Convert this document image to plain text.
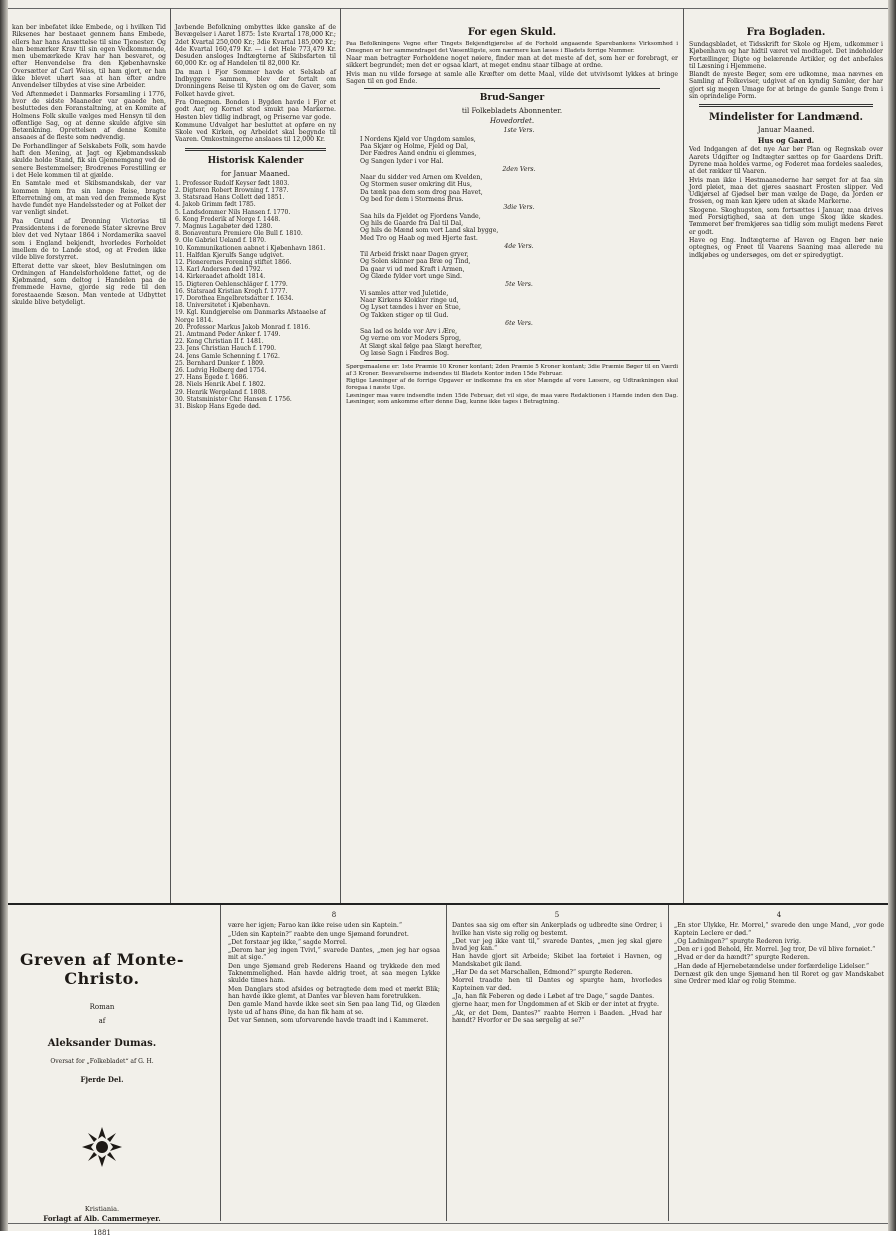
kan ber inbefatet ikke Embede, og i hvilken Tid Riksenes har bestaaet gennem hans Embede, ellers har hans Ansættelse til sine Tjenester. Og han bemærker Krav til sin egen Vedkommende, men ubemærkede Krav har han besvaret, og efter Henvendelse fra den Kjøbenhavnske Oversætter af Carl Weiss, til ham gjort, er han ikke blevet uhørt saa at han efter andre Anvendelser tilbydes at vise sine Arbeider.

Ved Aftenmødet i Danmarks Forsamling i 1776, hvor de sidste Maaneder var gaaede hen, besluttedes den Foranstaltning, at en Komite af Holmens Folk skulle vælges med Hensyn til den offentlige Sag, og at denne skulde afgive sin Betænkning. Oprettelsen af denne Komite ansaaes af de fleste som nødvendig.

De Forhandlinger af Selskabets Folk, som havde haft den Mening, at Jagt og Kjøbmandsskab skulde holde Stand, fik sin Gjennemgang ved de senere Bestemmelser; Brodrenes Forestilling er i det Hele kommen til at gjælde.

En Samtale med et Skibsmandskab, der var kommen hjem fra sin lange Reise, bragte Efterretning om, at man ved den fremmede Kyst havde fundet nye Handelssteder og at Folket der var venligt sindet.

Paa Grund af Dronning Victorias til Præsidentens i de forenede Stater skrevne Brev blev det ved Nytaar 1864 i Nordamerika saavel som i England bekjendt, hvorledes Forholdet imellem de to Lande stod, og at Freden ikke vilde blive forstyrret.

Efterat dette var skeet, blev Beslutningen om Ordningen af Handelsforholdene fattet, og de Kjøbmænd, som deltog i Handelen paa de fremmede Havne, gjorde sig rede til den forestaaende Sæson. Man ventede at Udbyttet skulde blive betydeligt.

Javbende Befolkning ombyttes ikke ganske af de Bevægelser i Aaret 1875: 1ste Kvartal 178,000 Kr.; 2det Kvartal 250,000 Kr.; 3die Kvartal 185,000 Kr.; 4de Kvartal 160,479 Kr. — i det Hele 773,479 Kr. Desuden ansloges Indtægterne af Skibsfarten til 60,000 Kr. og af Handelen til 82,000 Kr.

Da man i Fjor Sommer havde et Selskab af Indbyggere sammen, blev der fortalt om Dronningens Reise til Kysten og om de Gaver, som Folket havde givet.

Fra Omegnen. Bonden i Bygden havde i Fjor et godt Aar, og Kornet stod smukt paa Markerne. Høsten blev tidlig indbragt, og Priserne var gode.

Kommune Udvalget har besluttet at opføre en ny Skole ved Kirken, og Arbeidet skal begynde til Vaaren. Omkostningerne anslaaes til 12,000 Kr.

Historisk Kalender
for Januar Maaned.
1. Professor Rudolf Keyser født 1803.
2. Digteren Robert Browning f. 1787.
3. Statsraad Hans Collett død 1851.
4. Jakob Grimm født 1785.
5. Landsdommer Nils Hansen f. 1770.
6. Kong Frederik af Norge f. 1448.
7. Magnus Lagabøter død 1280.
8. Bonaventura Premiere Ole Bull f. 1810.
9. Ole Gabriel Ueland f. 1870.
10. Kommunikationen aabnet i Kjøbenhavn 1861.
11. Halfdan Kjerulfs Sange udgivet.
12. Pionerernes Forening stiftet 1866.
13. Karl Andersen død 1792.
14. Kirkeraadet afholdt 1814.
15. Digteren Oehlenschläger f. 1779.
16. Statsraad Kristian Krogh f. 1777.
17. Dorothea Engelbretsdatter f. 1634.
18. Universitetet i Kjøbenhavn.
19. Kgl. Kundgjørelse om Danmarks Afstaaelse af Norge 1814.
20. Professor Markus Jakob Monrad f. 1816.
21. Amtmand Peder Anker f. 1749.
22. Kong Christian II f. 1481.
23. Jens Christian Hauch f. 1790.
24. Jens Gamle Schønning f. 1762.
25. Bernhard Dunker f. 1809.
26. Ludvig Holberg død 1754.
27. Hans Egede f. 1686.
28. Niels Henrik Abel f. 1802.
29. Henrik Wergeland f. 1808.
30. Statsminister Chr. Hansen f. 1756.
31. Biskop Hans Egede død.
For egen Skuld.

Paa Befolkningens Vegne efter Tingets Bekjendtgjørelse af de Forhold angaaende Sparebankens Virksomhed i Omegnen er her sammendraget det Væsentligste, som nærmere kan læses i Bladets forrige Nummer.

Naar man betragter Forholdene noget nøiere, finder man at det meste af det, som her er forebragt, er sikkert begrundet; men det er ogsaa klart, at meget endnu staar tilbage at ordne.

Hvis man nu vilde forsøge at samle alle Kræfter om dette Maal, vilde det utvivlsomt lykkes at bringe Sagen til en god Ende.

Brud-Sanger
til Folkebladets Abonnenter.
Hovedordet.
1ste Vers.
I Nordens Kjøld vor Ungdom samles,
Paa Skjær og Holme, Fjeld og Dal,
Der Fædres Aand endnu ei glemmes,
Og Sangen lyder i vor Hal.
2den Vers.
Naar du sidder ved Arnen om Kvelden,
Og Stormen suser omkring dit Hus,
Da tænk paa dem som drog paa Havet,
Og bed for dem i Stormens Brus.
3die Vers.
Saa hils da Fjeldet og Fjordens Vande,
Og hils de Gaarde fra Dal til Dal,
Og hils de Mænd som vort Land skal bygge,
Med Tro og Haab og med Hjerte fast.
4de Vers.
Til Arbeid friskt naar Dagen gryer,
Og Solen skinner paa Bræ og Tind,
Da gaar vi ud med Kraft i Armen,
Og Glæde fylder vort unge Sind.
5te Vers.
Vi samles atter ved Juletide,
Naar Kirkens Klokker ringe ud,
Og Lyset tændes i hver en Stue,
Og Takken stiger op til Gud.
6te Vers.
Saa lad os holde vor Arv i Ære,
Og verne om vor Moders Sprog,
At Slægt skal følge paa Slægt herefter,
Og læse Sagn i Fædres Bog.

Spørgsmaalene er: 1ste Præmie 10 Kroner kontant; 2den Præmie 5 Kroner kontant; 3die Præmie Bøger til en Værdi af 3 Kroner. Besvarelserne indsendes til Bladets Kontor inden 15de Februar.

Rigtige Løsninger af de forrige Opgaver er indkomne fra en stor Mængde af vore Læsere, og Udtrækningen skal foregaa i næste Uge.

Løsninger maa være indsendte inden 15de Februar, det vil sige, de maa være Redaktionen i Hænde inden den Dag. Løsninger, som ankomme efter denne Dag, kunne ikke tages i Betragtning.

Fra Bogladen.

Sundagsbladet, et Tidsskrift for Skole og Hjem, udkommer i Kjøbenhavn og har hidtil været vel modtaget. Det indeholder Fortællinger, Digte og belærende Artikler, og det anbefales til Læsning i Hjemmene.

Blandt de nyeste Bøger, som ere udkomne, maa nævnes en Samling af Folkeviser, udgivet af en kyndig Samler, der har gjort sig megen Umage for at bringe de gamle Sange frem i sin oprindelige Form.

Mindelister for Landmænd.
Januar Maaned.
Hus og Gaard.

Ved Indgangen af det nye Aar bør Plan og Regnskab over Aarets Udgifter og Indtægter sættes op for Gaardens Drift. Dyrene maa holdes varme, og Foderet maa fordeles saaledes, at det rækker til Vaaren.

Hvis man ikke i Høstmaanederne har sørget for at faa sin Jord pløiet, maa det gjøres saasnart Frosten slipper. Ved Udkjørsel af Gjødsel bør man vælge de Dage, da Jorden er frossen, og man kan kjøre uden at skade Markerne.

Skogene. Skoghugsten, som fortsættes i Januar, maa drives med Forsigtighed, saa at den unge Skog ikke skades. Tømmeret bør fremkjøres saa tidlig som muligt medens Føret er godt.

Have og Eng. Indtægterne af Haven og Engen bør nøie optegnes, og Frøet til Vaarens Saaning maa allerede nu indkjøbes og undersøges, om det er spiredygtigt.

Greven af Monte-Christo.
Roman
af
Aleksander Dumas.
Oversat for „Folkebladet“ af G. H.
Fjerde Del.
Kristiania.
Forlagt af Alb. Cammermeyer.
1881
8

være her igjen; Farao kan ikke reise uden sin Kaptein.“

„Uden sin Kaptein?“ raabte den unge Sjømand forundret.

„Det forstaar jeg ikke,“ sagde Morrel.

„Derom har jeg ingen Tvivl,“ svarede Dantes, „men jeg har ogsaa mit at sige.“

Den unge Sjømand greb Rederens Haand og trykkede den med Taknemmelighed. Han havde aldrig troet, at saa megen Lykke skulde times ham.

Men Danglars stod afsides og betragtede dem med et mørkt Blik; han havde ikke glemt, at Dantes var bleven ham foretrukken.

Den gamle Mand havde ikke seet sin Søn paa lang Tid, og Glæden lyste ud af hans Øine, da han fik ham at se.

Det var Sønnen, som uforvarende havde traadt ind i Kammeret.

5

Dantes saa sig om efter sin Ankerplads og udbredte sine Ordrer, i hvilke han viste sig rolig og bestemt.

„Det var jeg ikke vant til,“ svarede Dantes, „men jeg skal gjøre hvad jeg kan.“

Han havde gjort sit Arbeide; Skibet laa fortøiet i Havnen, og Mandskabet gik iland.

„Har De da set Marschallen, Edmond?“ spurgte Rederen.

Morrel traadte hen til Dantes og spurgte ham, hvorledes Kapteinen var død.

„Ja, han fik Feberen og døde i Løbet af tre Dage,“ sagde Dantes.

gjerne haar, men for Ungdommen af et Skib er der intet at frygte.

„Ak, er det Dem, Dantes?“ raabte Herren i Baaden. „Hvad har hændt? Hvorfor er De saa sørgelig at se?“

4

„En stor Ulykke, Hr. Morrel,“ svarede den unge Mand, „vor gode Kaptein Leclere er død.“

„Og Ladningen?“ spurgte Rederen ivrig.

„Den er i god Behold, Hr. Morrel. Jeg tror, De vil blive fornøiet.“

„Hvad er der da hændt?“ spurgte Rederen.

„Han døde af Hjernebetændelse under forfærdelige Lidelser.“

Dernæst gik den unge Sjømand hen til Roret og gav Mandskabet sine Ordrer med klar og rolig Stemme.
